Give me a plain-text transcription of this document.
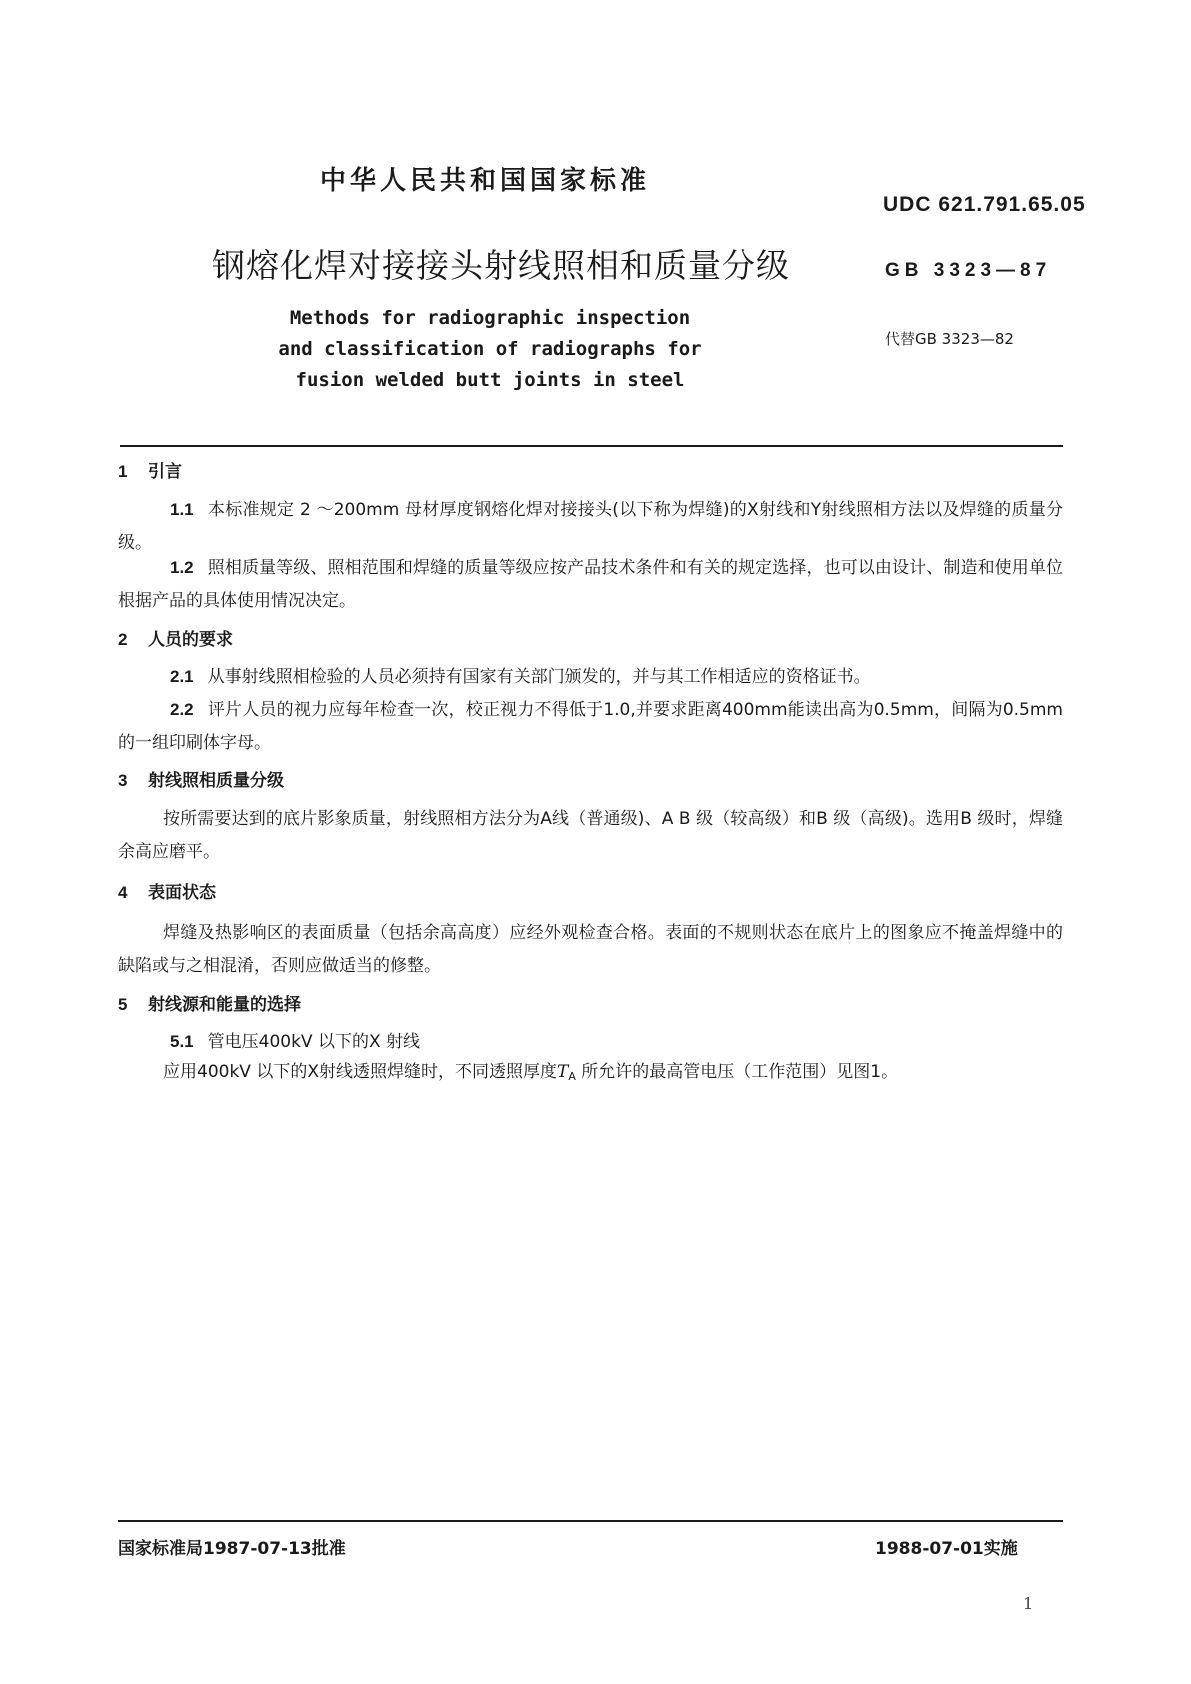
中华人民共和国国家标准
UDC 621.791.65.05
钢熔化焊对接接头射线照相和质量分级	GB 3323—87
代替GB 3323—82
Methods for radiographic inspection
and classification of radiographs for
fusion welded butt joints in steel
1 引言
1.1 本标准规定 2 ～200mm 母材厚度钢熔化焊对接接头(以下称为焊缝)的X射线和Y射线照相方法以及焊缝的质量分级。
1.2 照相质量等级、照相范围和焊缝的质量等级应按产品技术条件和有关的规定选择，也可以由设计、制造和使用单位根据产品的具体使用情况决定。
2 人员的要求
2.1 从事射线照相检验的人员必须持有国家有关部门颁发的，并与其工作相适应的资格证书。
2.2 评片人员的视力应每年检查一次，校正视力不得低于1.0,并要求距离400mm能读出高为0.5mm，间隔为0.5mm的一组印刷体字母。
3 射线照相质量分级
按所需要达到的底片影象质量，射线照相方法分为A线（普通级)、A B 级（较高级）和B 级（高级)。选用B 级时，焊缝余高应磨平。
4 表面状态
焊缝及热影响区的表面质量（包括余高高度）应经外观检查合格。表面的不规则状态在底片上的图象应不掩盖焊缝中的缺陷或与之相混淆，否则应做适当的修整。
5 射线源和能量的选择
5.1 管电压400kV 以下的X 射线
应用400kV 以下的X射线透照焊缝时，不同透照厚度TA 所允许的最高管电压（工作范围）见图1。
国家标准局1987-07-13批准	1988-07-01实施
1
